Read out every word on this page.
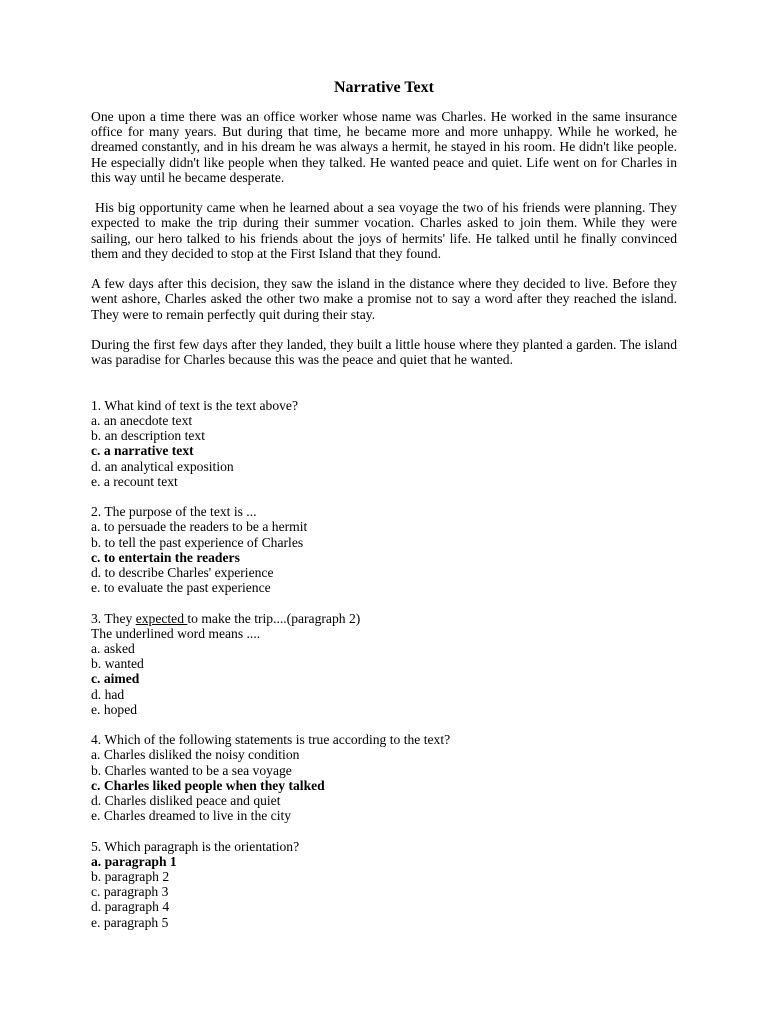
Narrative Text

One upon a time there was an office worker whose name was Charles. He worked in the same insurance office for many years. But during that time, he became more and more unhappy. While he worked, he dreamed constantly, and in his dream he was always a hermit, he stayed in his room. He didn't like people. He especially didn't like people when they talked. He wanted peace and quiet. Life went on for Charles in this way until he became desperate.

His big opportunity came when he learned about a sea voyage the two of his friends were planning. They expected to make the trip during their summer vocation. Charles asked to join them. While they were sailing, our hero talked to his friends about the joys of hermits' life. He talked until he finally convinced them and they decided to stop at the First Island that they found.

A few days after this decision, they saw the island in the distance where they decided to live. Before they went ashore, Charles asked the other two make a promise not to say a word after they reached the island. They were to remain perfectly quit during their stay.

During the first few days after they landed, they built a little house where they planted a garden. The island was paradise for Charles because this was the peace and quiet that he wanted.

1. What kind of text is the text above?
a. an anecdote text
b. an description text
c. a narrative text
d. an analytical exposition
e. a recount text
2. The purpose of the text is ...
a. to persuade the readers to be a hermit
b. to tell the past experience of Charles
c. to entertain the readers
d. to describe Charles' experience
e. to evaluate the past experience
3. They expected to make the trip....(paragraph 2)
The underlined word means ....
a. asked
b. wanted
c. aimed
d. had
e. hoped
4. Which of the following statements is true according to the text?
a. Charles disliked the noisy condition
b. Charles wanted to be a sea voyage
c. Charles liked people when they talked
d. Charles disliked peace and quiet
e. Charles dreamed to live in the city
5. Which paragraph is the orientation?
a. paragraph 1
b. paragraph 2
c. paragraph 3
d. paragraph 4
e. paragraph 5
